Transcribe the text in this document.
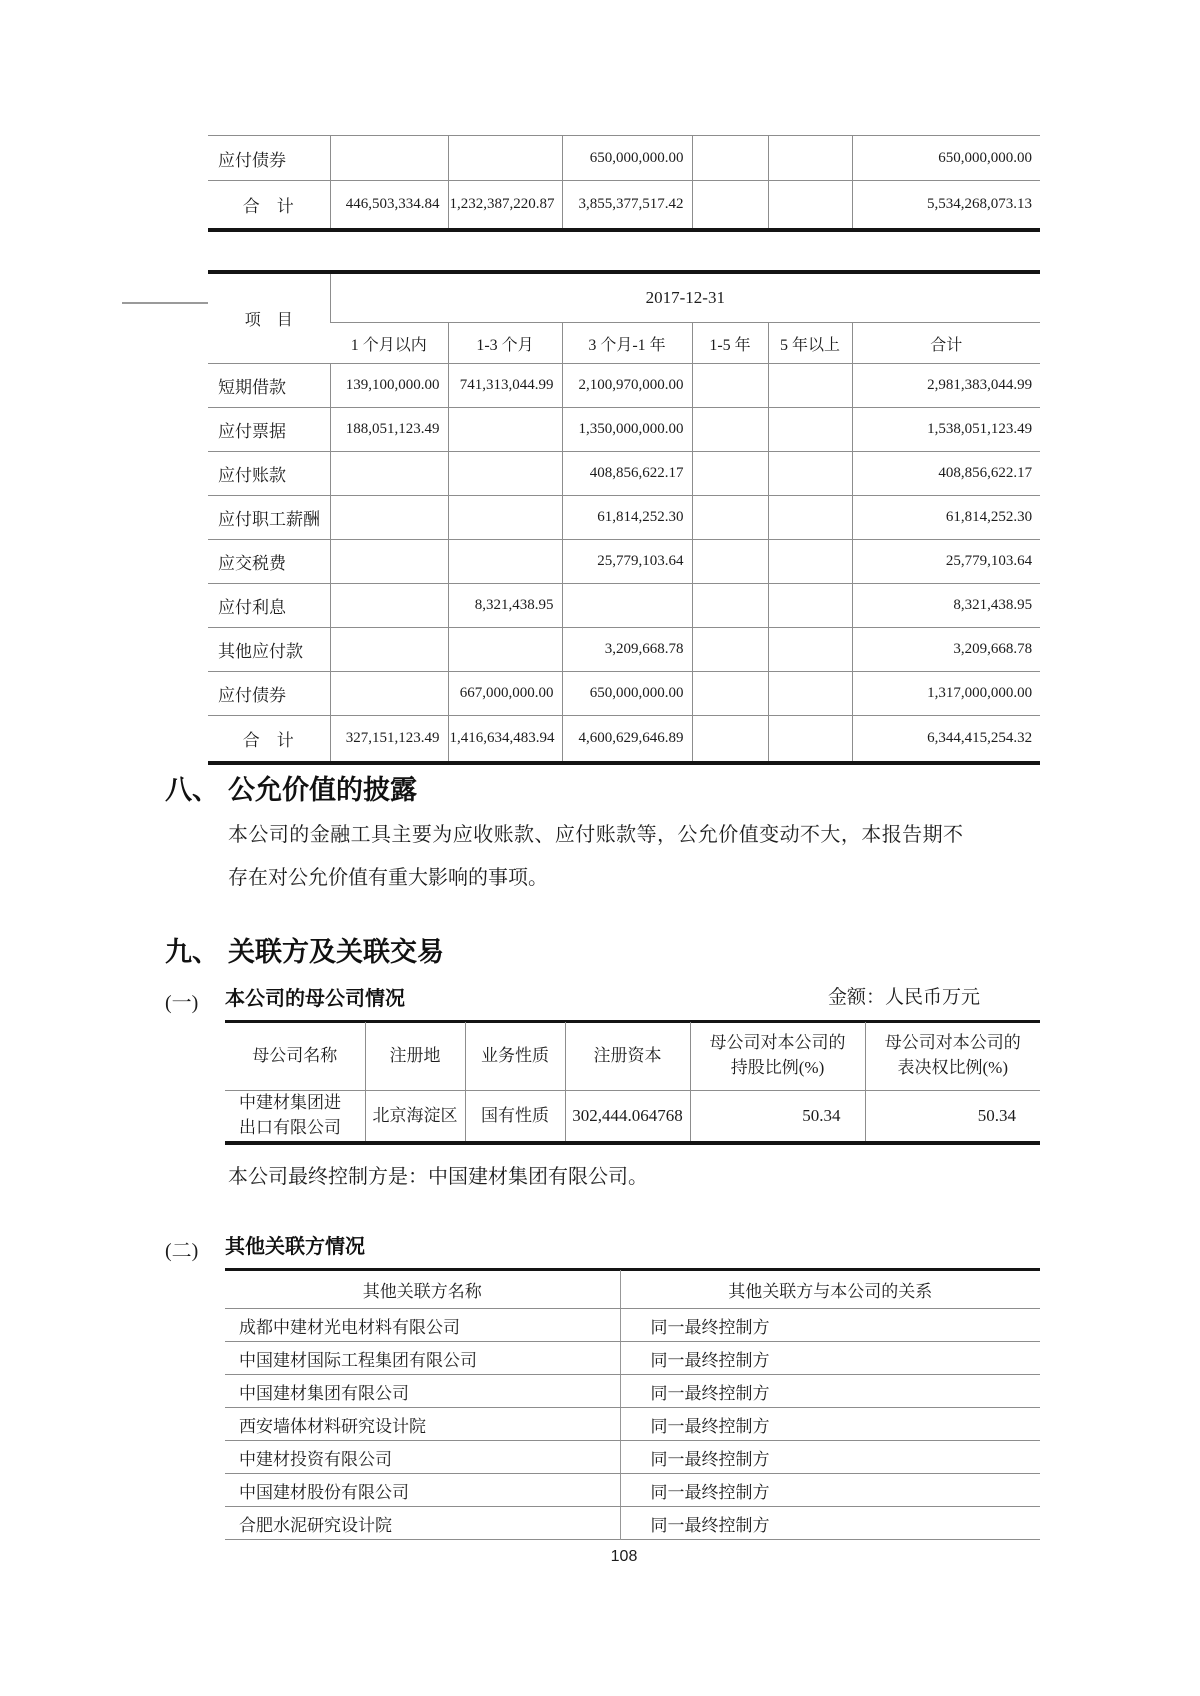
应付债券			650,000,000.00			650,000,000.00
合　计	446,503,334.84	1,232,387,220.87	3,855,377,517.42			5,534,268,073.13
项　目	2017-12-31					
	1 个月以内	1-3 个月	3 个月-1 年	1-5 年	5 年以上	合计
短期借款	139,100,000.00	741,313,044.99	2,100,970,000.00			2,981,383,044.99
应付票据	188,051,123.49		1,350,000,000.00			1,538,051,123.49
应付账款			408,856,622.17			408,856,622.17
应付职工薪酬			61,814,252.30			61,814,252.30
应交税费			25,779,103.64			25,779,103.64
应付利息		8,321,438.95				8,321,438.95
其他应付款			3,209,668.78			3,209,668.78
应付债券		667,000,000.00	650,000,000.00			1,317,000,000.00
合　计	327,151,123.49	1,416,634,483.94	4,600,629,646.89			6,344,415,254.32
八、 公允价值的披露
本公司的金融工具主要为应收账款、应付账款等，公允价值变动不大，本报告期不存在对公允价值有重大影响的事项。
九、 关联方及关联交易
(一)	金额：人民币万元
本公司的母公司情况
母公司名称	注册地	业务性质	注册资本	母公司对本公司的持股比例(%)	母公司对本公司的表决权比例(%)
中建材集团进出口有限公司	北京海淀区	国有性质	302,444.064768	50.34	50.34
本公司最终控制方是：中国建材集团有限公司。
(二) 其他关联方情况
其他关联方名称	其他关联方与本公司的关系
成都中建材光电材料有限公司	同一最终控制方
中国建材国际工程集团有限公司	同一最终控制方
中国建材集团有限公司	同一最终控制方
西安墙体材料研究设计院	同一最终控制方
中建材投资有限公司	同一最终控制方
中国建材股份有限公司	同一最终控制方
合肥水泥研究设计院	同一最终控制方
108
